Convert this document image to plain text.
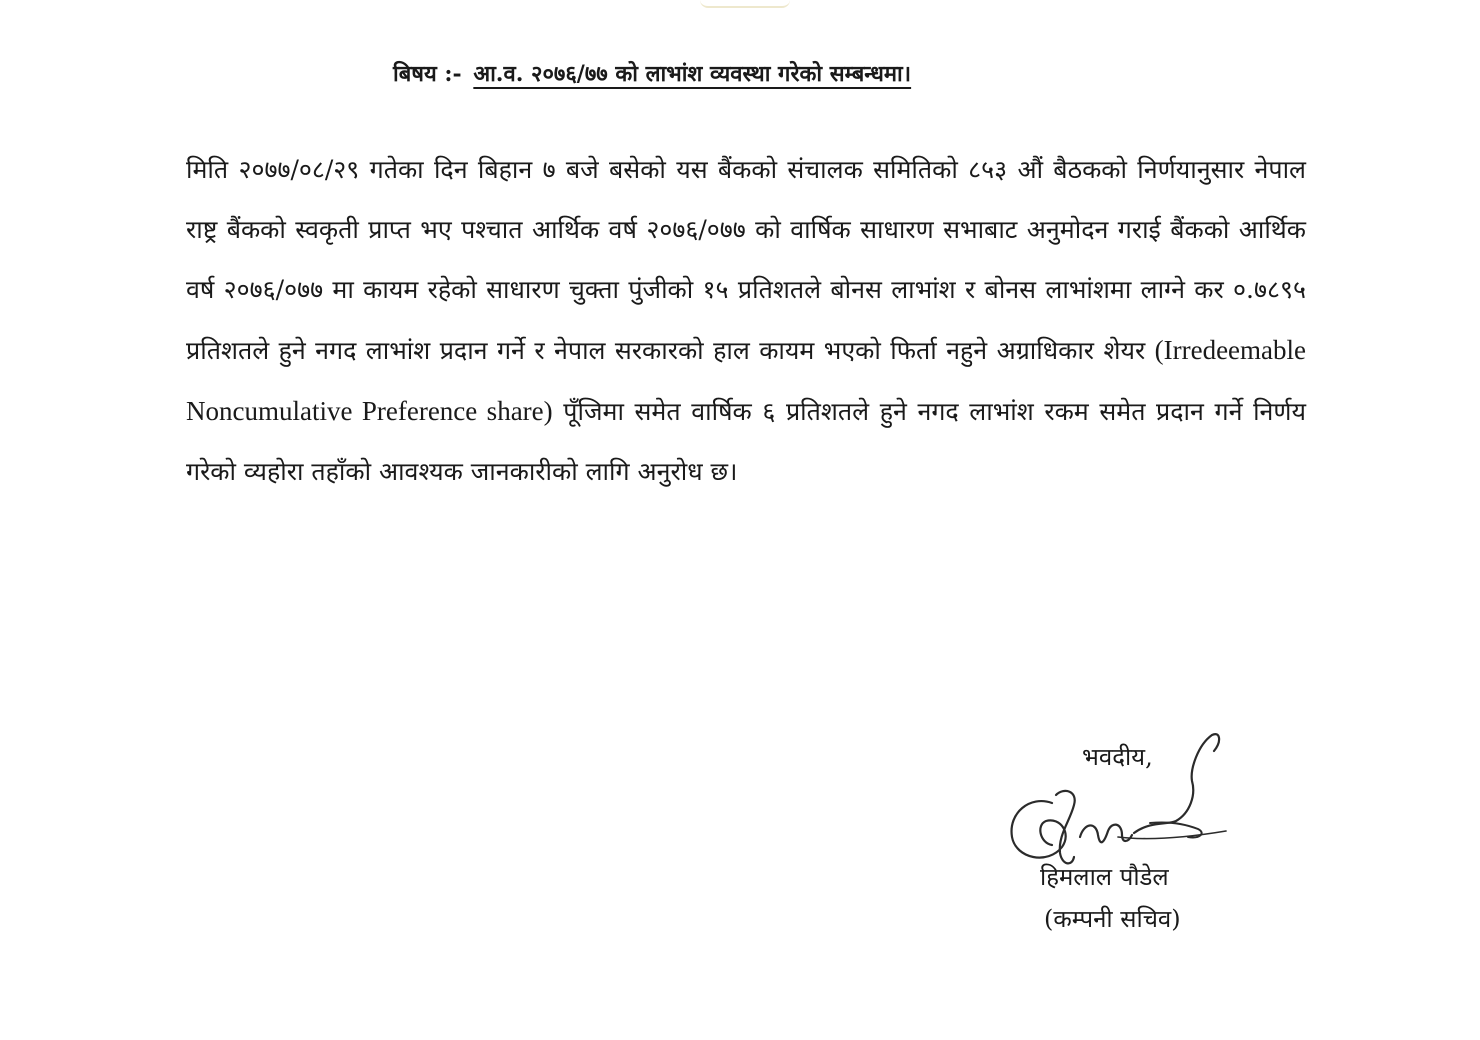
बिषय :- आ.व. २०७६/७७ को लाभांश व्यवस्था गरेको सम्बन्धमा।
मिति २०७७/०८/२९ गतेका दिन बिहान ७ बजे बसेको यस बैंकको संचालक समितिको ८५३ औं बैठकको निर्णयानुसार नेपाल राष्ट्र बैंकको स्वकृती प्राप्त भए पश्चात आर्थिक वर्ष २०७६/०७७ को वार्षिक साधारण सभाबाट अनुमोदन गराई बैंकको आर्थिक वर्ष २०७६/०७७ मा कायम रहेको साधारण चुक्ता पुंजीको १५ प्रतिशतले बोनस लाभांश र बोनस लाभांशमा लाग्ने कर ०.७८९५ प्रतिशतले हुने नगद लाभांश प्रदान गर्ने र नेपाल सरकारको हाल कायम भएको फिर्ता नहुने अग्राधिकार शेयर (Irredeemable Noncumulative Preference share) पूँजिमा समेत वार्षिक ६ प्रतिशतले हुने नगद लाभांश रकम समेत प्रदान गर्ने निर्णय गरेको व्यहोरा तहाँको आवश्यक जानकारीको लागि अनुरोध छ।
भवदीय,
हिमलाल पौडेल
(कम्पनी सचिव)
